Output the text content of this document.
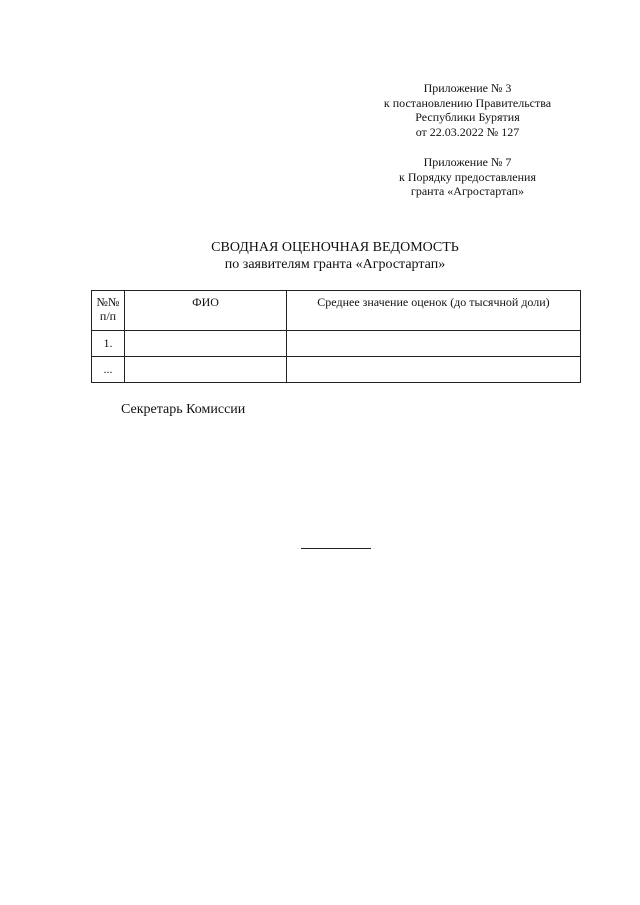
Приложение № 3
к постановлению Правительства
Республики Бурятия
от 22.03.2022 № 127
Приложение № 7
к Порядку предоставления
гранта «Агростартап»
СВОДНАЯ ОЦЕНОЧНАЯ ВЕДОМОСТЬ
по заявителям гранта «Агростартап»
№№
п/п	ФИО	Среднее значение оценок (до тысячной доли)
1.		
...		
Секретарь Комиссии
